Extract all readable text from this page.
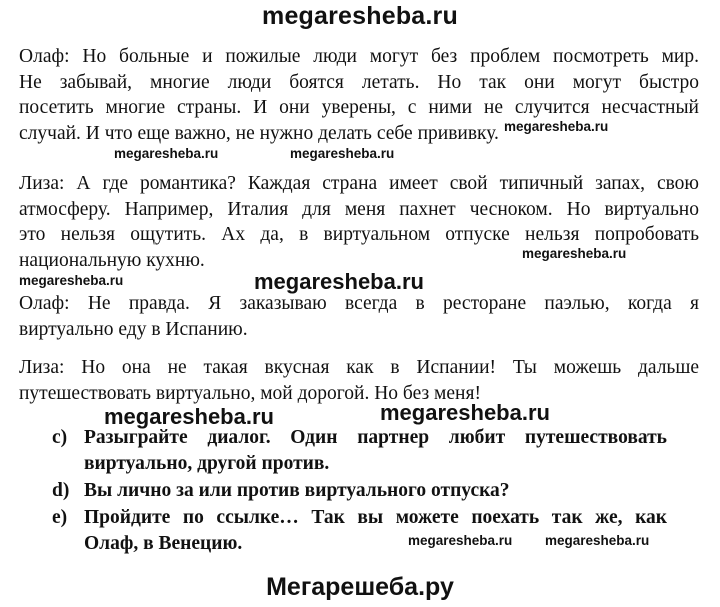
megaresheba.ru
Олаф: Но больные и пожилые люди могут без проблем посмотреть мир.
Не забывай, многие люди боятся летать. Но так они могут быстро
посетить многие страны. И они уверены, с ними не случится несчастный
случай. И что еще важно, не нужно делать себе прививку. megaresheba.ru
megaresheba.ru	megaresheba.ru
Лиза: А где романтика? Каждая страна имеет свой типичный запах, свою
атмосферу. Например, Италия для меня пахнет чесноком. Но виртуально
это нельзя ощутить. Ах да, в виртуальном отпуске нельзя попробовать
национальную кухню.	megaresheba.ru
megaresheba.ru	megaresheba.ru
Олаф: Не правда. Я заказываю всегда в ресторане паэлью, когда я
виртуально еду в Испанию.
Лиза: Но она не такая вкусная как в Испании! Ты можешь дальше
путешествовать виртуально, мой дорогой. Но без меня!
megaresheba.ru	megaresheba.ru
c) Разыграйте диалог. Один партнер любит путешествовать
виртуально, другой против.
d) Вы лично за или против виртуального отпуска?
e) Пройдите по ссылке… Так вы можете поехать так же, как
Олаф, в Венецию.	megaresheba.ru megaresheba.ru
Мегарешеба.ру
